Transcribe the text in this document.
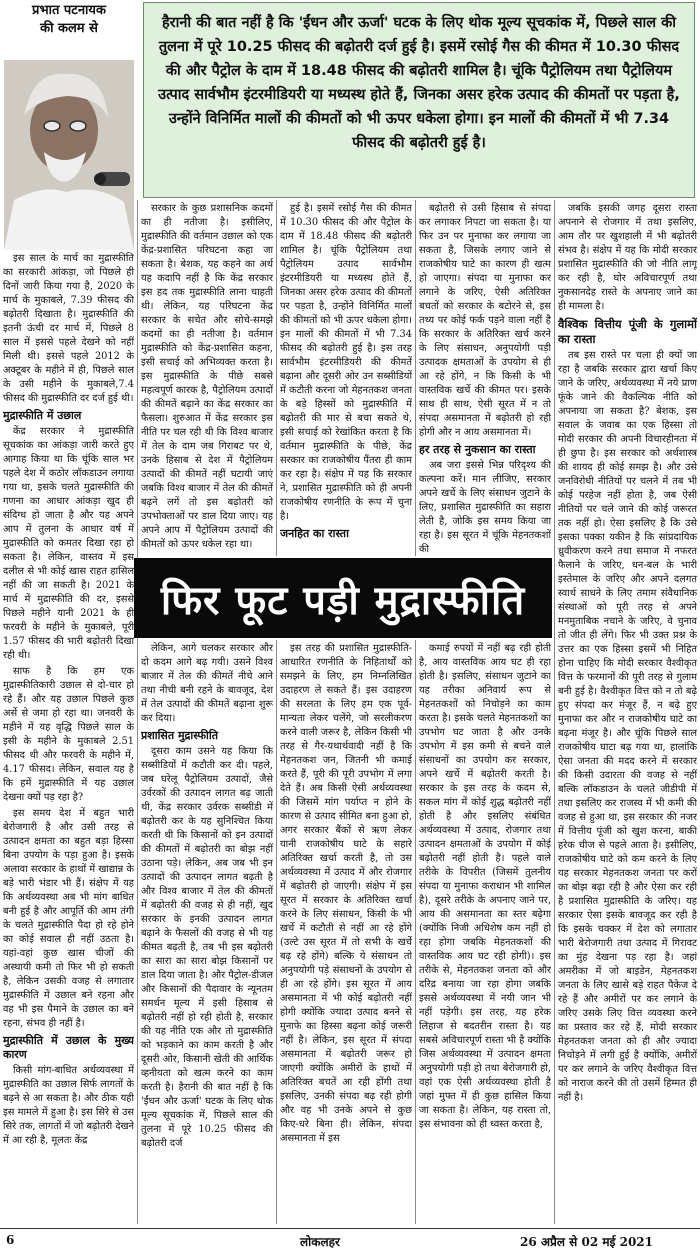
प्रभात पटनायक
की कलम से	हैरानी की बात नहीं है कि 'ईंधन और ऊर्जा' घटक के लिए थोक मूल्य सूचकांक में, पिछले साल की तुलना में पूरे 10.25 फीसद की बढ़ोतरी दर्ज हुई है। इसमें रसोई गैस की कीमत में 10.30 फीसद की और पैट्रोल के दाम में 18.48 फीसद की बढ़ोतरी शामिल है। चूंकि पैट्रोलियम तथा पैट्रोलियम उत्पाद सार्वभौम इंटरमीडियरी या मध्यस्थ होते हैं, जिनका असर हरेक उत्पाद की कीमतों पर पड़ता है, उन्होंने विनिर्मित मालों की कीमतों को भी ऊपर धकेला होगा। इन मालों की कीमतों में भी 7.34 फीसद की बढ़ोतरी हुई है।

इस साल के मार्च का मुद्रास्फीति का सरकारी आंकड़ा, जो पिछले ही दिनों जारी किया गया है, 2020 के मार्च के मुकाबले, 7.39 फीसद की बढ़ोतरी दिखाता है। मुद्रास्फीति की इतनी ऊंची दर मार्च में, पिछले 8 साल में इससे पहले देखने को नहीं मिली थी। इससे पहले 2012 के अक्टूबर के महीने में ही, पिछले साल के उसी महीने के मुकाबले,7.4 फीसद की मुद्रास्फीति दर दर्ज हुई थी।

मुद्रास्फीति में उछाल

केंद्र सरकार ने मुद्रास्फीति सूचकांक का आंकड़ा जारी करते हुए आगाह किया था कि चूंकि साल भर पहले देश में कठोर लॉकडाउन लगाया गया था, इसके चलते मुद्रास्फीति की गणना का आधार आंकड़ा खुद ही संदिग्ध हो जाता है और यह अपने आप में तुलना के आधार वर्ष में मुद्रास्फीति को कमतर दिखा रहा हो सकता है। लेकिन, वास्तव में इस दलील से भी कोई खास राहत हासिल नहीं की जा सकती है। 2021 के मार्च में मुद्रास्फीति की दर, इससे पिछले महीने यानी 2021 के ही फरवरी के महीने के मुकाबले, पूरी 1.57 फीसद की भारी बढ़ोतरी दिखा रही थी।

साफ है कि हम एक मुद्रास्फीतिकारी उछाल से दो-चार हो रहे हैं। और यह उछाल पिछले कुछ अर्से से जमा हो रहा था। जनवरी के महीने में यह वृद्धि पिछले साल के इसी के महीने के मुकाबले 2.51 फीसद थी और फरवरी के महीने में, 4.17 फीसद। लेकिन, सवाल यह है कि हमें मुद्रास्फीति में यह उछाल देखना क्यों पड़ रहा है?

इस समय देश में बहुत भारी बेरोजगारी है और उसी तरह से उत्पादन क्षमता का बहुत बड़ा हिस्सा बिना उपयोग के पड़ा हुआ है। इसके अलावा सरकार के हाथों में खाद्यान्न के बड़े भारी भंडार भी हैं। संक्षेप में यह कि अर्थव्यवस्था अब भी मांग बाधित बनी हुई है और आपूर्ति की आम तंगी के चलते मुद्रास्फीति पैदा हो रहे होने का कोई सवाल ही नहीं उठता है। यहां-वहां कुछ खास चीजों की अस्थायी कमी तो फिर भी हो सकती है, लेकिन उसकी वजह से लगातार मुद्रास्फीति में उछाल बने रहना और वह भी इस पैमाने के उछाल का बने रहना, संभव ही नहीं है।

मुद्रास्फीति में उछाल के मुख्य कारण

किसी मांग-बाधित अर्थव्यवस्था में मुद्रास्फीति का उछाल सिर्फ लागतों के बढ़ने से आ सकता है। और ठीक यही इस मामले में हुआ है। इस सिरे से उस सिरे तक, लागतों में जो बढ़ोतरी देखने में आ रही है, मूलतः केंद्र

सरकार के कुछ प्रशासनिक कदमों का ही नतीजा है। इसीलिए, मुद्रास्फीति की वर्तमान उछाल को एक केंद्र-प्रशासित परिघटना कहा जा सकता है। बेशक, यह कहने का अर्थ यह कदापि नहीं है कि केंद्र सरकार इस हद तक मुद्रास्फीति लाना चाहती थी। लेकिन, यह परिघटना केंद्र सरकार के सचेत और सोचे-समझे कदमों का ही नतीजा है। वर्तमान मुद्रास्फीति को केंद्र-प्रशासित कहना, इसी सचाई को अभिव्यक्त करता है। इस मुद्रास्फीति के पीछे सबसे महत्वपूर्ण कारक है, पैट्रोलियम उत्पादों की कीमतें बढ़ाने का केंद्र सरकार का फैसला। शुरुआत में केंद्र सरकार इस नीति पर चल रही थी कि विश्व बाजार में तेल के दाम जब गिराबट पर थे, उनके हिसाब से देश में पैट्रोलियम उत्पादों की कीमतें नहीं घटायी जाएं जबकि विश्व बाजार में तेल की कीमतें बढ़ने लगें तो इस बढ़ोतरी को उपभोक्ताओं पर डाल दिया जाए। यह अपने आप में पैट्रोलियम उत्पादों की कीमतों को ऊपर धकेल रहा था।

हुई है। इसमें रसोई गैस की कीमत में 10.30 फीसद की और पैट्रोल के दाम में 18.48 फीसद की बढ़ोतरी शामिल है। चूंकि पैट्रोलियम तथा पैट्रोलियम उत्पाद सार्वभौम इंटरमीडियरी या मध्यस्थ होते हैं, जिनका असर हरेक उत्पाद की कीमतों पर पड़ता है, उन्होंने विनिर्मित मालों की कीमतों को भी ऊपर धकेला होगा। इन मालों की कीमतों में भी 7.34 फीसद की बढ़ोतरी हुई है। इस तरह सार्वभौम इंटरमीडियरी की कीमतें बढ़ाना और दूसरी ओर उन सब्सीडियों में कटौती करना जो मेहनतकश जनता के बड़े हिस्सों को मुद्रास्फीति में बढ़ोतरी की मार से बचा सकते थे, इसी सचाई को रेखांकित करता है कि वर्तमान मुद्रास्फीति के पीछे, केंद्र सरकार का राजकोषीय पैंतरा ही काम कर रहा है। संक्षेप में यह कि सरकार ने, प्रशासित मुद्रास्फीति को ही अपनी राजकोषीय रणनीति के रूप में चुना है।

जनहित का रास्ता

बढ़ोतरी से उसी हिसाब से संपदा कर लगाकर निपटा जा सकता है। या फिर उन पर मुनाफा कर लगाया जा सकता है, जिसके लगाए जाने से राजकोषीय घाटे का कारण ही खत्म हो जाएगा। संपदा या मुनाफा कर लगाने के जरिए, ऐसी अतिरिक्त बचतों को सरकार के बटोरने से, इस तथ्य पर कोई फर्क पड़ने वाला नहीं है कि सरकार के अतिरिक्त खर्च करने के लिए संसाधन, अनुपयोगी पड़ी उत्पादक क्षमताओं के उपयोग से ही आ रहे होंगे, न कि किसी के भी वास्तविक खर्चे की कीमत पर। इसके साथ ही साथ, ऐसी सूरत में न तो संपदा असमानता में बढ़ोतरी हो रही होगी और न आय असमानता में।

हर तरह से नुकसान का रास्ता

अब जरा इससे भिन्न परिदृश्य की कल्पना करें। मान लीजिए, सरकार अपने खर्चे के लिए संसाधन जुटाने के लिए, प्रशासित मुद्रास्फीति का सहारा लेती है, जोकि इस समय किया जा रहा है। इस सूरत में चूंकि मेहनतकशों की

फिर फूट पड़ी मुद्रास्फीति

लेकिन, आगे चलकर सरकार और दो कदम आगे बढ़ गयी। उसने विश्व बाजार में तेल की कीमतें नीचे आने तथा नीची बनी रहने के बावजूद, देश में तेल उत्पादों की कीमतें बढ़ाना शुरू कर दिया।

प्रशासित मुद्रास्फीति

दूसरा काम उसने यह किया कि सब्सीडियों में कटौती कर दी। पहले, जब घरेलू पैट्रोलियम उत्पादों, जैसे उर्वरकों की उत्पादन लागत बढ़ जाती थी, केंद्र सरकार उर्वरक सब्सीडी में बढ़ोतरी कर के यह सुनिश्चित किया करती थी कि किसानों को इन उत्पादों की कीमतों में बढ़ोतरी का बोझ नहीं उठाना पड़े। लेकिन, अब जब भी इन उत्पादों की उत्पादन लागत बढ़ती है और विश्व बाजार में तेल की कीमतों में बढ़ोतरी की वजह से ही नहीं, खुद सरकार के इनकी उत्पादन लागत बढ़ाने के फैसलों की वजह से भी यह कीमत बढ़ती है, तब भी इस बढ़ोतरी का सारा का सारा बोझ किसानों पर डाल दिया जाता है। और पैट्रोल-डीजल और किसानों की पैदावार के न्यूनतम समर्थन मूल्य में इसी हिसाब से बढ़ोतरी नहीं हो रही होती है, सरकार की यह नीति एक और तो मुद्रास्फीति को भड़काने का काम करती है और दूसरी ओर, किसानी खेती की आर्थिक व्हनीयता को खत्म करने का काम करती है। हैरानी की बात नहीं है कि 'ईंधन और ऊर्जा' घटक के लिए थोक मूल्य सूचकांक में, पिछले साल की तुलना में पूरे 10.25 फीसद की बढ़ोतरी दर्ज

इस तरह की प्रशासित मुद्रास्फीति-आधारित रणनीति के निहितार्थों को समझने के लिए, हम निम्नलिखित उदाहरण ले सकते हैं। इस उदाहरण की सरलता के लिए हम एक पूर्व-मान्यता लेकर चलेंगे, जो सरलीकरण करने वाली जरूर है, लेकिन किसी भी तरह से गैर-यथार्थवादी नहीं है कि मेहनतकश जन, जितनी भी कमाई करते हैं, पूरी की पूरी उपभोग में लगा देते हैं। अब किसी ऐसी अर्थव्यवस्था की जिसमें मांग पर्याप्त न होने के कारण से उत्पाद सीमित बना हुआ हो, अगर सरकार बैंकों से ऋण लेकर यानी राजकोषीय घाटे के सहारे अतिरिक्त खर्चा करती है, तो उस अर्थव्यवस्था में उत्पाद में और रोजगार में बढ़ोतरी हो जाएगी। संक्षेप में इस सूरत में सरकार के अतिरिक्त खर्चा करने के लिए संसाधन, किसी के भी खर्चे में कटौती से नहीं आ रहे होंगे (उल्टे उस सूरत में तो सभी के खर्चे बढ़ रहे होंगे) बल्कि ये संसाधन तो अनुपयोगी पड़े संसाधनों के उपयोग से ही आ रहे होंगे। इस सूरत में आय असमानता में भी कोई बढ़ोतरी नहीं होगी क्योंकि ज्यादा उत्पाद बनने से मुनाफे का हिस्सा बढ़ना कोई जरूरी नहीं है। लेकिन, इस सूरत में संपदा असमानता में बढ़ोतरी जरूर हो जाएगी क्योंकि अमीरों के हाथों में अतिरिक्त बचतें आ रही होंगी तथा इसलिए, उनकी संपदा बढ़ रही होगी और वह भी उनके अपने से कुछ किए-धरे बिना ही। लेकिन, संपदा असमानता में इस

कमाई रुपयों में नहीं बढ़ रही होती है, आय वास्तविक आय घट ही रहा होती है। इसलिए, संसाधन जुटाने का यह तरीका अनिवार्य रूप से मेहनतकशों को निचोड़ने का काम करता है। इसके चलते मेहनतकशों का उपभोग घट जाता है और उनके उपभोग में इस कमी से बचने वाले संसाधनों का उपयोग कर सरकार, अपने खर्चे में बढ़ोतरी करती है। सरकार के इस तरह के कदम से, सकल मांग में कोई शुद्ध बढ़ोतरी नहीं होती है और इसलिए संबंधित अर्थव्यवस्था में उत्पाद, रोजगार तथा उत्पादन क्षमताओं के उपयोग में कोई बढ़ोतरी नहीं होती है। पहले वाले तरीके के विपरीत (जिसमें तुलनीय संपदा या मुनाफा कराधान भी शामिल है), दूसरे तरीके के अपनाए जाने पर, आय की असमानता का स्तर बढ़ेगा (क्योंकि निजी अधिशेष कम नहीं हो रहा होगा जबकि मेहनतकशों की वास्तविक आय घट रही होगी)। इस तरीके से, मेहनतकश जनता को और दरिद्र बनाया जा रहा होगा जबकि इससे अर्थव्यवस्था में नयी जान भी नहीं पड़ेगी। इस तरह, यह हरेक लिहाज से बदतरीन रास्ता है। यह सबसे अविचारपूर्ण रास्ता भी है क्योंकि जिस अर्थव्यवस्था में उत्पादन क्षमता अनुपयोगी पड़ी हो तथा बेरोजगारी हो, वहां एक ऐसी अर्थव्यवस्था होती है जहां मुफ्त में ही कुछ हासिल किया जा सकता है। लेकिन, यह रास्ता तो, इस संभावना को ही ध्वस्त करता है,

जबकि इसकी जगह दूसरा रास्ता अपनाने से रोजगार में तथा इसलिए, आम तौर पर खुशहाली में भी बढ़ोतरी संभव है। संक्षेप में यह कि मोदी सरकार प्रशासित मुद्रास्फीति की जो नीति लागू कर रही है, घोर अविचारपूर्ण तथा नुकसानदेह रास्ते के अपनाए जाने का ही मामला है।

वैश्विक वित्तीय पूंजी के गुलामों का रास्ता

तब इस रास्ते पर चला ही क्यों जा रहा है जबकि सरकार द्वारा खर्चा किए जाने के जरिए, अर्थव्यवस्था में नये प्राण फूंके जाने की वैकल्पिक नीति को अपनाया जा सकता है? बेशक, इस सवाल के जवाब का एक हिस्सा तो मोदी सरकार की अपनी विचारहीनता में ही छुपा है। इस सरकार को अर्थशास्त्र की शायद ही कोई समझ है। और उसे जनविरोधी नीतियों पर चलने में तब भी कोई परहेज नहीं होता है, जब ऐसी नीतियों पर चले जाने की कोई जरूरत तक नहीं हो। ऐसा इसलिए है कि उसे इसका पक्का यकीन है कि सांप्रदायिक ध्रुवीकरण करने तथा समाज में नफरत फैलाने के जरिए, धन-बल के भारी इस्तेमाल के जरिए और अपने दलगत स्वार्थ साधने के लिए तमाम संवैधानिक संस्थाओं को पूरी तरह से अपने मनमुताबिक नचाने के जरिए, वे चुनाव तो जीत ही लेंगे। फिर भी उक्त प्रश्न के उत्तर का एक हिस्सा इसमें भी निहित होना चाहिए कि मोदी सरकार वैश्वीकृत वित्त के फरमानों की पूरी तरह से गुलाम बनी हुई है। वैश्वीकृत वित्त को न तो बढ़े हुए संपदा कर मंजूर हैं, न बढ़े हुए मुनाफा कर और न राजकोषीय घाटे का बढ़ना मंजूर है। और चूंकि पिछले साल राजकोषीय घाटा बढ़ गया था, हालांकि ऐसा जनता की मदद करने में सरकार की किसी उदारता की वजह से नहीं बल्कि लॉकडाउन के चलते जीडीपी में तथा इसलिए कर राजस्व में भी कमी की वजह से हुआ था, इस सरकार की नजर में वित्तीय पूंजी को खुश करना, बाकी हरेक चीज से पहले आता है। इसीलिए, राजकोषीय घाटे को कम करने के लिए यह सरकार मेहनतकश जनता पर करों का बोझ बढ़ा रही है और ऐसा कर रही है प्रशासित मुद्रास्फीति के जरिए। यह सरकार ऐसा इसके बावजूद कर रही है कि इसके चक्कर में देश को लगातार भारी बेरोजगारी तथा उत्पाद में गिरावट का मुंह देखना पड़ रहा है। जहां अमरीका में जो बाइडेन, मेहनतकश जनता के लिए खासे बड़े राहत पैकेज दे रहे हैं और अमीरों पर कर लगाने के जरिए उसके लिए वित्त व्यवस्था करने का प्रस्ताव कर रहे हैं, मोदी सरकार मेहनतकश जनता को ही और ज्यादा निचोड़ने में लगी हुई है क्योंकि, अमीरों पर कर लगाने के जरिए वैश्वीकृत वित्त को नाराज करने की तो उसमें हिम्मत ही नहीं है।

6	लोकलहर	26 अप्रैल से 02 मई 2021
